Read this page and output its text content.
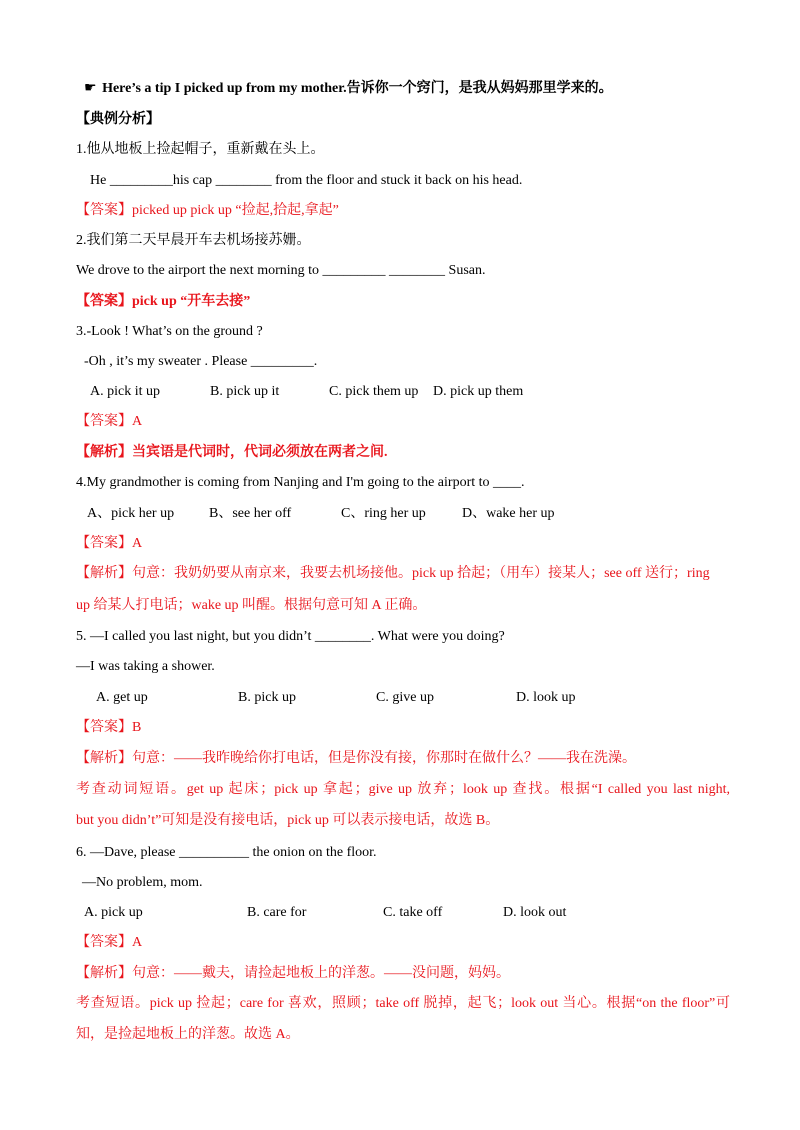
☛ Here’s a tip I picked up from my mother.告诉你一个窍门，是我从妈妈那里学来的。
【典例分析】
1.他从地板上捡起帽子，重新戴在头上。
He _________his cap ________ from the floor and stuck it back on his head.
【答案】picked up pick up “捡起,拾起,拿起”
2.我们第二天早晨开车去机场接苏姗。
We drove to the airport the next morning to _________ ________ Susan.
【答案】pick up “开车去接”
3.-Look ! What’s on the ground ?
-Oh , it’s my sweater . Please _________.
A. pick it up	B. pick up it	C. pick them up D. pick up them
【答案】A
【解析】当宾语是代词时，代词必须放在两者之间.
4.My grandmother is coming from Nanjing and I'm going to the airport to ____.
A、pick her up B、see her off	C、ring her up	D、wake her up
【答案】A
【解析】句意：我奶奶要从南京来，我要去机场接他。pick up 拾起；（用车）接某人；see off 送行；ring
up 给某人打电话；wake up 叫醒。根据句意可知 A 正确。
5. —I called you last night, but you didn’t ________. What were you doing?
—I was taking a shower.
A. get up	B. pick up	C. give up	D. look up
【答案】B
【解析】句意：——我昨晚给你打电话，但是你没有接，你那时在做什么？——我在洗澡。
考查动词短语。get up 起床；pick up 拿起；give up 放弃；look up 查找。根据“I called you last night,
but you didn’t”可知是没有接电话，pick up 可以表示接电话，故选 B。
6. —Dave, please __________ the onion on the floor.
—No problem, mom.
A. pick up	B. care for	C. take off	D. look out
【答案】A
【解析】句意：——戴夫，请捡起地板上的洋葱。——没问题，妈妈。
考查短语。pick up 捡起；care for 喜欢，照顾；take off 脱掉，起飞；look out 当心。根据“on the floor”可
知，是捡起地板上的洋葱。故选 A。
